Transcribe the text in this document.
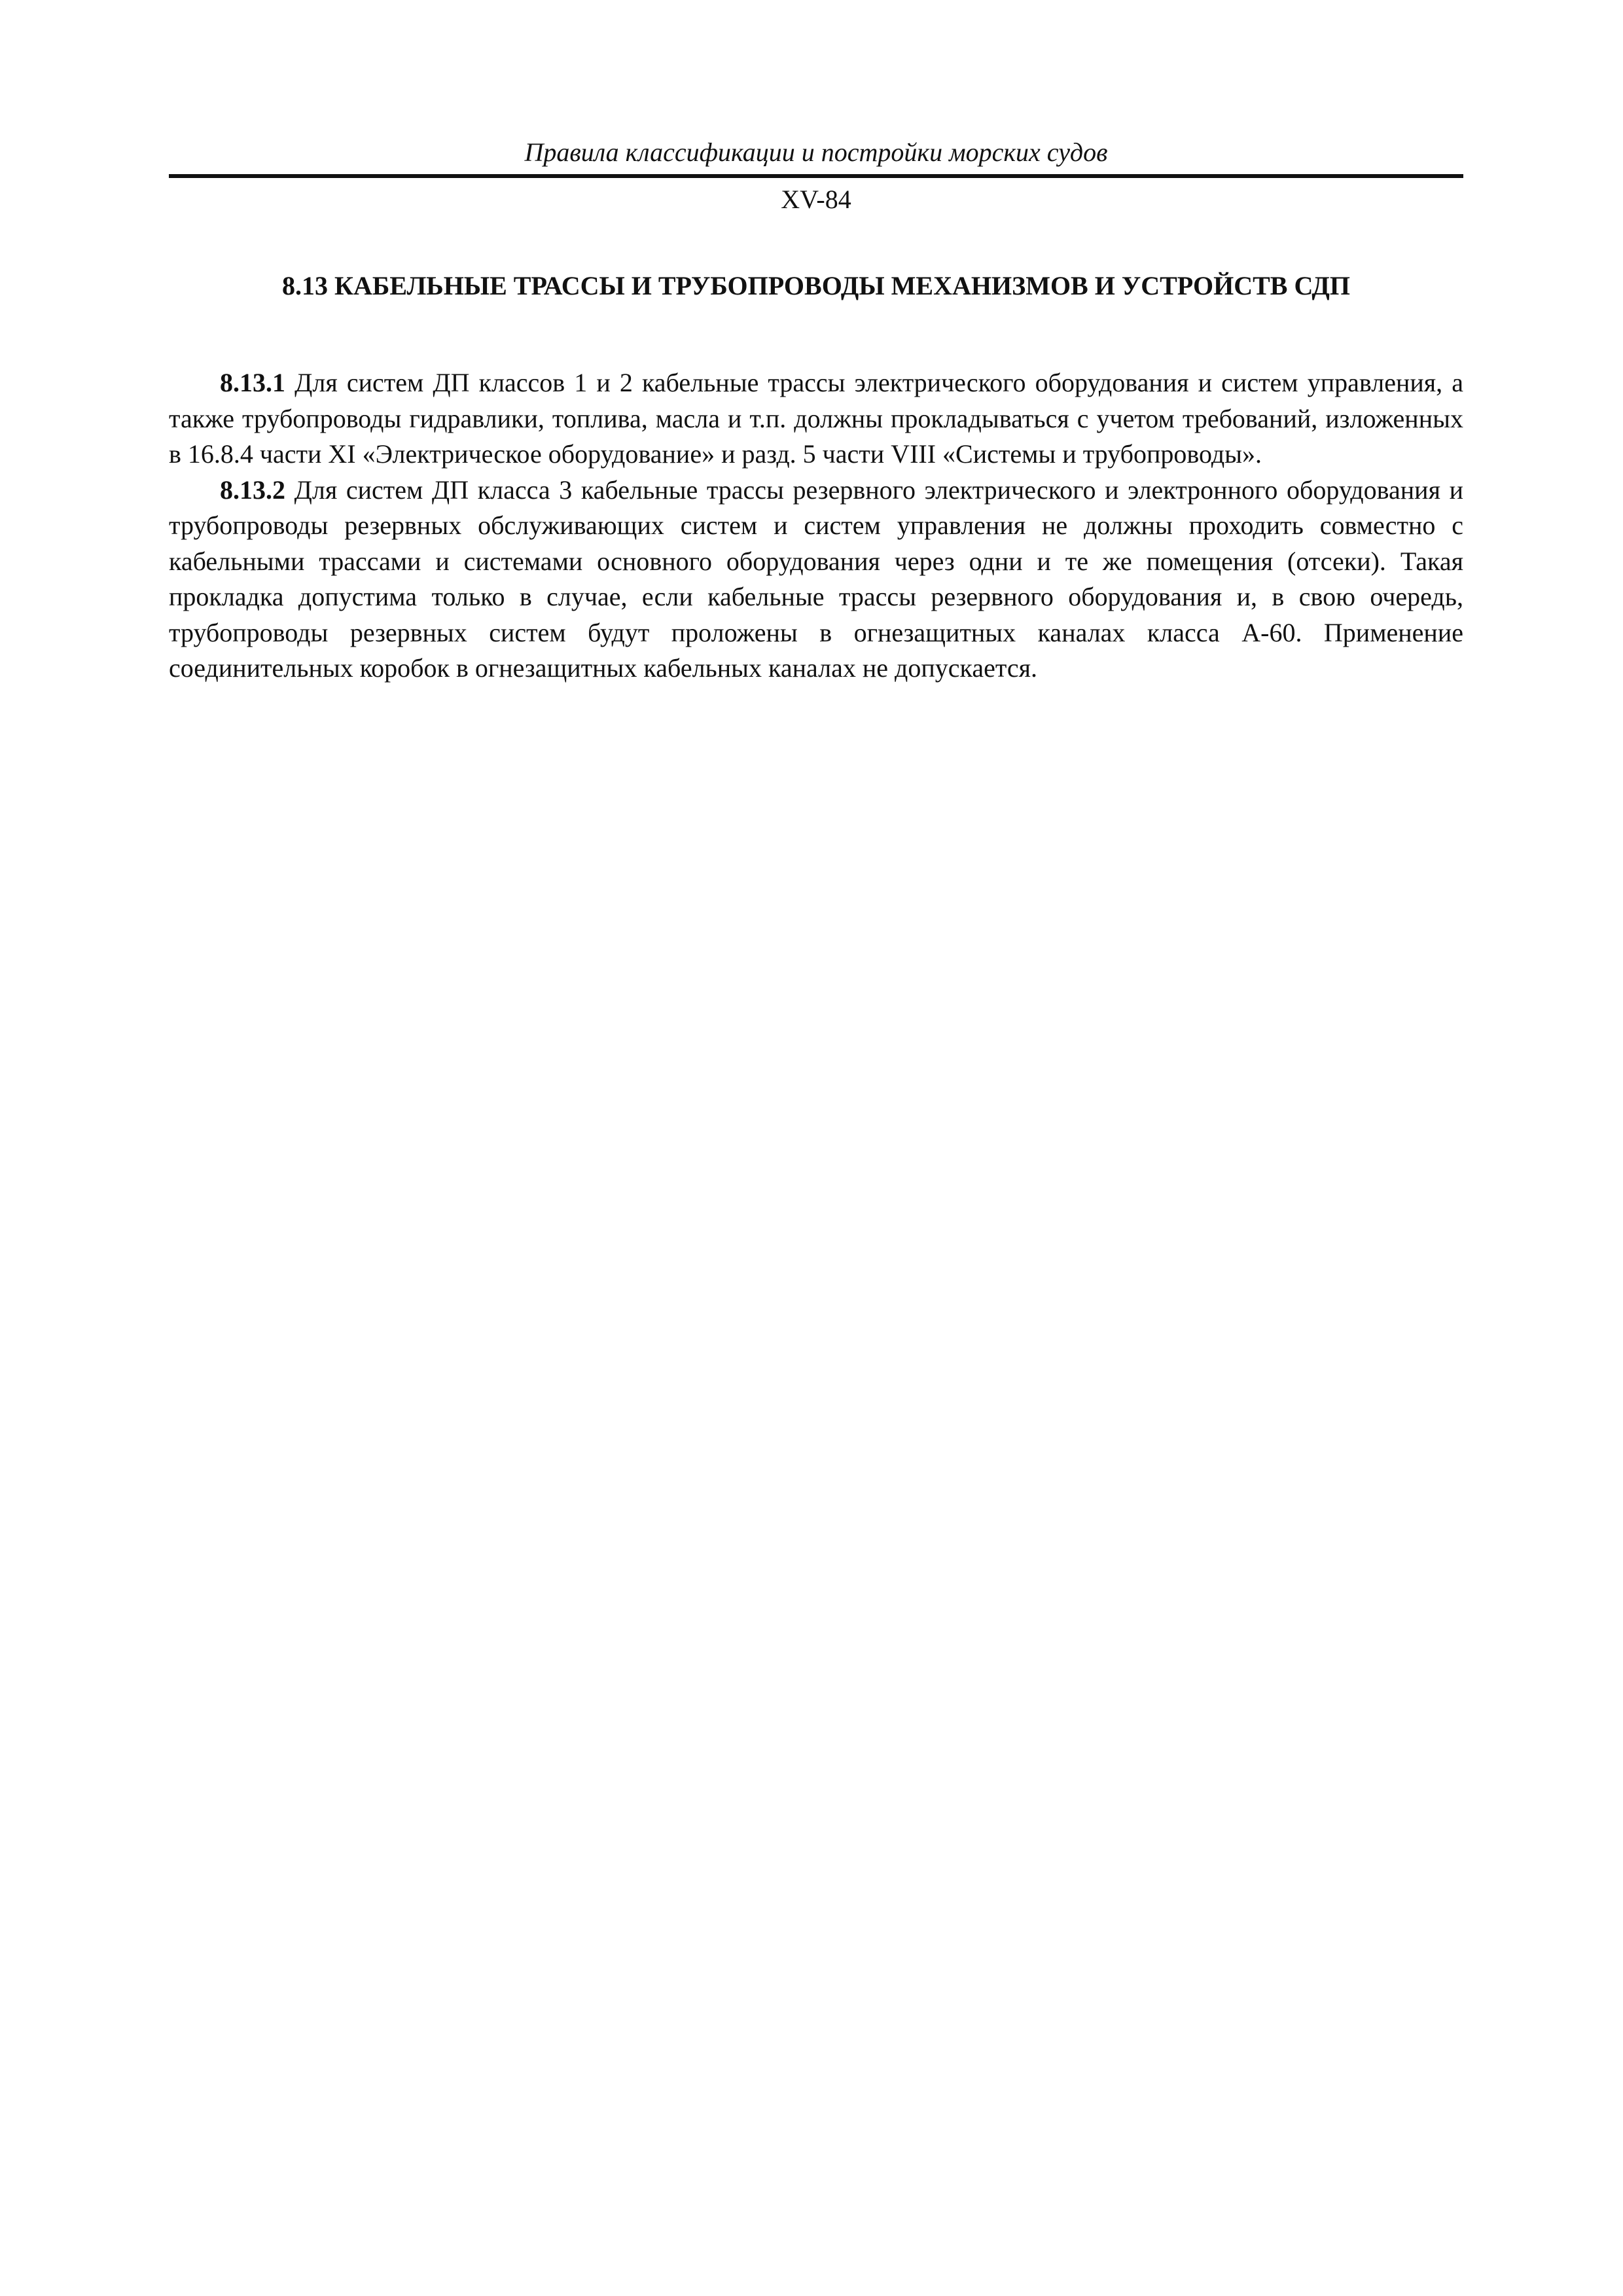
Правила классификации и постройки морских судов
XV-84
8.13 КАБЕЛЬНЫЕ ТРАССЫ И ТРУБОПРОВОДЫ МЕХАНИЗМОВ И УСТРОЙСТВ СДП

8.13.1 Для систем ДП классов 1 и 2 кабельные трассы электрического оборудования и систем управления, а также трубопроводы гидравлики, топлива, масла и т.п. должны прокладываться с учетом требований, изложенных в 16.8.4 части XI «Электрическое оборудование» и разд. 5 части VIII «Системы и трубопроводы».

8.13.2 Для систем ДП класса 3 кабельные трассы резервного электрического и электронного оборудования и трубопроводы резервных обслуживающих систем и систем управления не должны проходить совместно с кабельными трассами и системами основного оборудования через одни и те же помещения (отсеки). Такая прокладка допустима только в случае, если кабельные трассы резервного оборудования и, в свою очередь, трубопроводы резервных систем будут проложены в огнезащитных каналах класса А-60. Применение соединительных коробок в огнезащитных кабельных каналах не допускается.
